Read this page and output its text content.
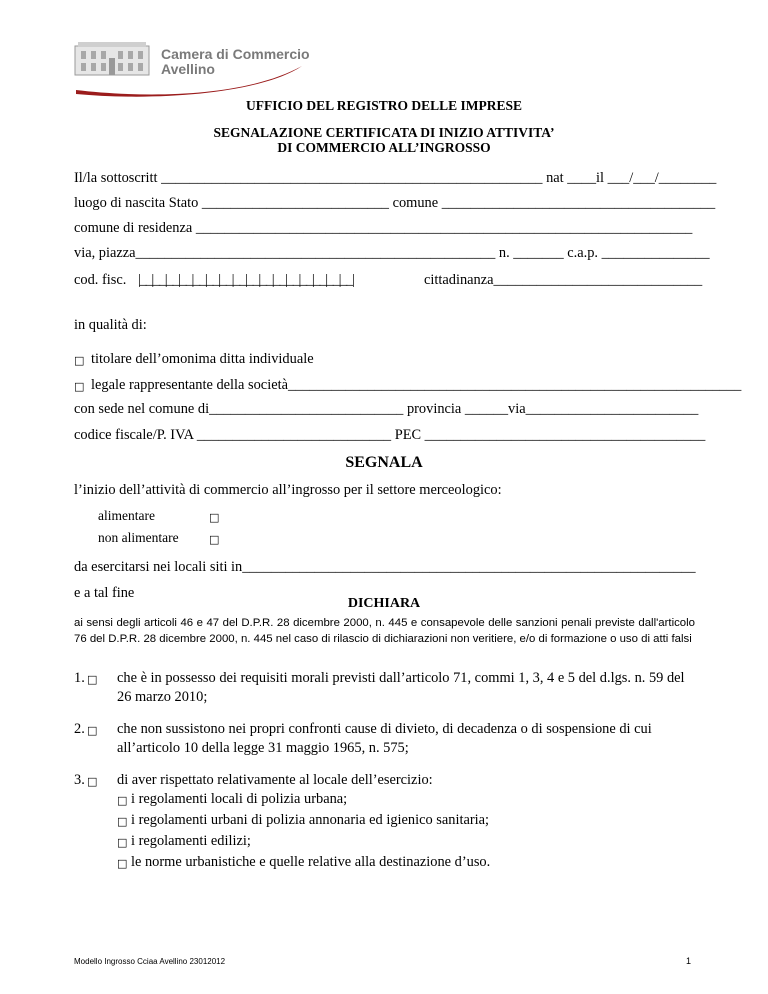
Camera di Commercio
Avellino
UFFICIO DEL REGISTRO DELLE IMPRESE
SEGNALAZIONE CERTIFICATA DI INIZIO ATTIVITA’
DI COMMERCIO ALL’INGROSSO
Il/la sottoscritt _____________________________________________________ nat ____il ___/___/________
luogo di nascita Stato __________________________ comune ______________________________________
comune di residenza _____________________________________________________________________
via, piazza__________________________________________________ n. _______ c.a.p. _______________
cod. fisc. |__|__|__|__|__|__|__|__|__|__|__|__|__|__|__|__|	cittadinanza_____________________________
in qualità di:
□ titolare dell’omonima ditta individuale
□ legale rappresentante della società_______________________________________________________________
con sede nel comune di___________________________ provincia ______via________________________
codice fiscale/P. IVA ___________________________ PEC _______________________________________
SEGNALA
l’inizio dell’attività di commercio all’ingrosso per il settore merceologico:
alimentare	□
non alimentare	□
da esercitarsi nei locali siti in_______________________________________________________________
e a tal fine
DICHIARA
ai sensi degli articoli 46 e 47 del D.P.R. 28 dicembre 2000, n. 445 e consapevole delle sanzioni penali previste dall'articolo 76 del D.P.R. 28 dicembre 2000, n. 445 nel caso di rilascio di dichiarazioni non veritiere, e/o di formazione o uso di atti falsi
1. □ che è in possesso dei requisiti morali previsti dall’articolo 71, commi 1, 3, 4 e 5 del d.lgs. n. 59 del
26 marzo 2010;
2. □ che non sussistono nei propri confronti cause di divieto, di decadenza o di sospensione di cui
all’articolo 10 della legge 31 maggio 1965, n. 575;
3. □ di aver rispettato relativamente al locale dell’esercizio:
□ i regolamenti locali di polizia urbana;
□ i regolamenti urbani di polizia annonaria ed igienico sanitaria;
□ i regolamenti edilizi;
□ le norme urbanistiche e quelle relative alla destinazione d’uso.
Modello Ingrosso Cciaa Avellino 23012012	1
